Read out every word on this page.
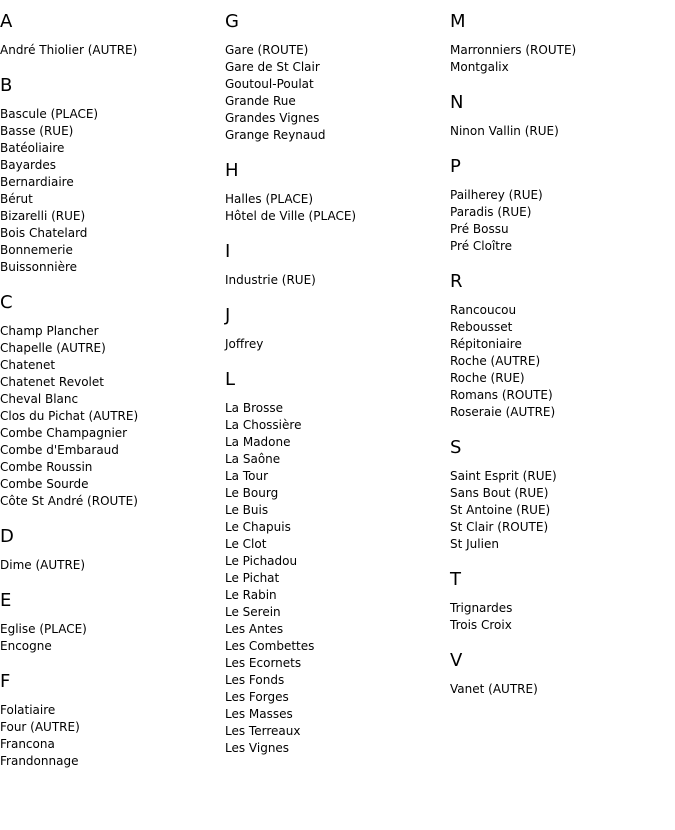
A
André Thiolier (AUTRE)
B
Bascule (PLACE)
Basse (RUE)
Batéoliaire
Bayardes
Bernardiaire
Bérut
Bizarelli (RUE)
Bois Chatelard
Bonnemerie
Buissonnière
C
Champ Plancher
Chapelle (AUTRE)
Chatenet
Chatenet Revolet
Cheval Blanc
Clos du Pichat (AUTRE)
Combe Champagnier
Combe d'Embaraud
Combe Roussin
Combe Sourde
Côte St André (ROUTE)
D
Dime (AUTRE)
E
Eglise (PLACE)
Encogne
F
Folatiaire
Four (AUTRE)
Francona
Frandonnage
G
Gare (ROUTE)
Gare de St Clair
Goutoul-Poulat
Grande Rue
Grandes Vignes
Grange Reynaud
H
Halles (PLACE)
Hôtel de Ville (PLACE)
I
Industrie (RUE)
J
Joffrey
L
La Brosse
La Chossière
La Madone
La Saône
La Tour
Le Bourg
Le Buis
Le Chapuis
Le Clot
Le Pichadou
Le Pichat
Le Rabin
Le Serein
Les Antes
Les Combettes
Les Ecornets
Les Fonds
Les Forges
Les Masses
Les Terreaux
Les Vignes
M
Marronniers (ROUTE)
Montgalix
N
Ninon Vallin (RUE)
P
Pailherey (RUE)
Paradis (RUE)
Pré Bossu
Pré Cloître
R
Rancoucou
Rebousset
Répitoniaire
Roche (AUTRE)
Roche (RUE)
Romans (ROUTE)
Roseraie (AUTRE)
S
Saint Esprit (RUE)
Sans Bout (RUE)
St Antoine (RUE)
St Clair (ROUTE)
St Julien
T
Trignardes
Trois Croix
V
Vanet (AUTRE)
